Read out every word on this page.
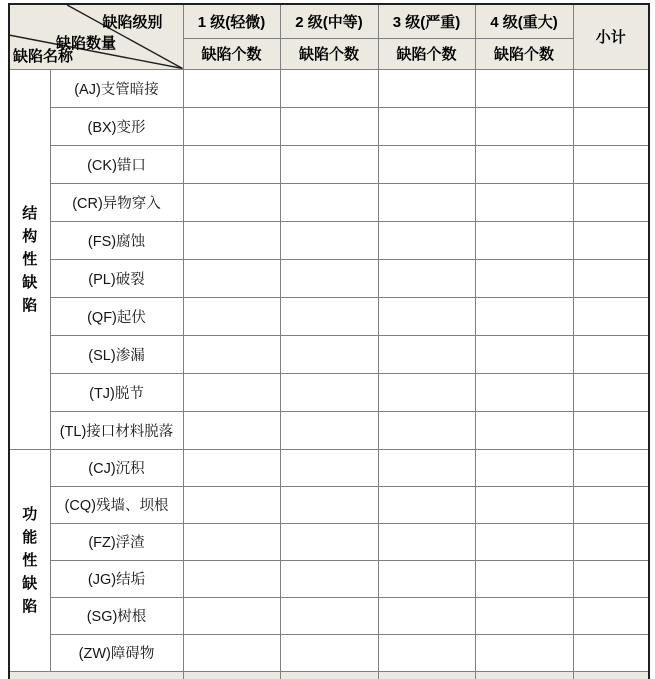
缺陷级别
缺陷数量
缺陷名称		1 级(轻微)	2 级(中等)	3 级(严重)	4 级(重大)	小计
		缺陷个数	缺陷个数	缺陷个数	缺陷个数	
结构性缺陷	(AJ)支管暗接					
	(BX)变形					
	(CK)错口					
	(CR)异物穿入					
	(FS)腐蚀					
	(PL)破裂					
	(QF)起伏					
	(SL)渗漏					
	(TJ)脱节					
	(TL)接口材料脱落					
功能性缺陷	(CJ)沉积					
	(CQ)残墙、坝根					
	(FZ)浮渣					
	(JG)结垢					
	(SG)树根					
	(ZW)障碍物					
